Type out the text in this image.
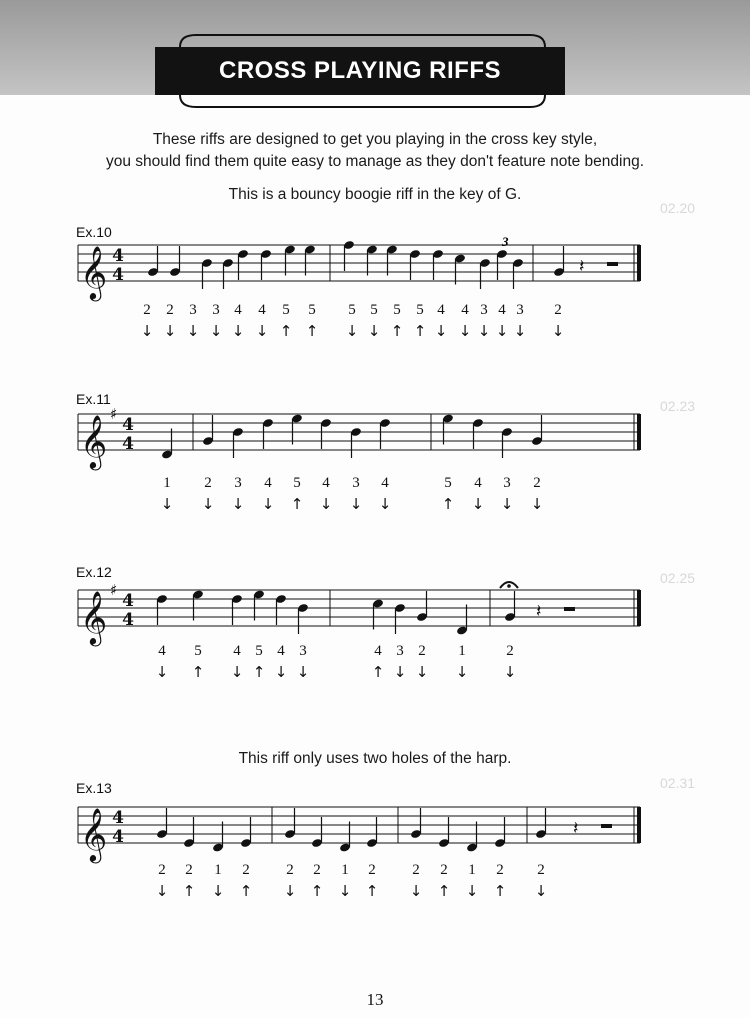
CROSS PLAYING RIFFS
These riffs are designed to get you playing in the cross key style,
you should find them quite easy to manage as they don't feature note bending.
This is a bouncy boogie riff in the key of G.
This riff only uses two holes of the harp.
Ex.10
Ex.11
Ex.12
Ex.13
02.20
02.23
02.25
02.31
𝄞 4
4	𝄽
𝄞 ♯
4
4
𝄞 ♯
4
4	𝄽
𝄞 4
4	𝄽
3
2 2 3 3 4 4 5 5 5 5 5 5 4 4 3 4 3 2
1 2 3 4 5 4 3 4	5 4 3 2
4 5 4 5 4 3	4 3 2 1	2
2 2 1 2 2 2 1 2 2 2 1 2 2
↓ ↓ ↓ ↓ ↓ ↓ ↑ ↑ ↓ ↓ ↑ ↑ ↓ ↓ ↓ ↓ ↓ ↓
↓ ↓ ↓ ↓ ↑ ↓ ↓ ↓	↑ ↓ ↓ ↓
↓ ↑ ↓ ↑ ↓ ↓	↑ ↓ ↓ ↓ ↓
↓ ↑ ↓ ↑ ↓ ↑ ↓ ↑ ↓ ↑ ↓ ↑ ↓
13
